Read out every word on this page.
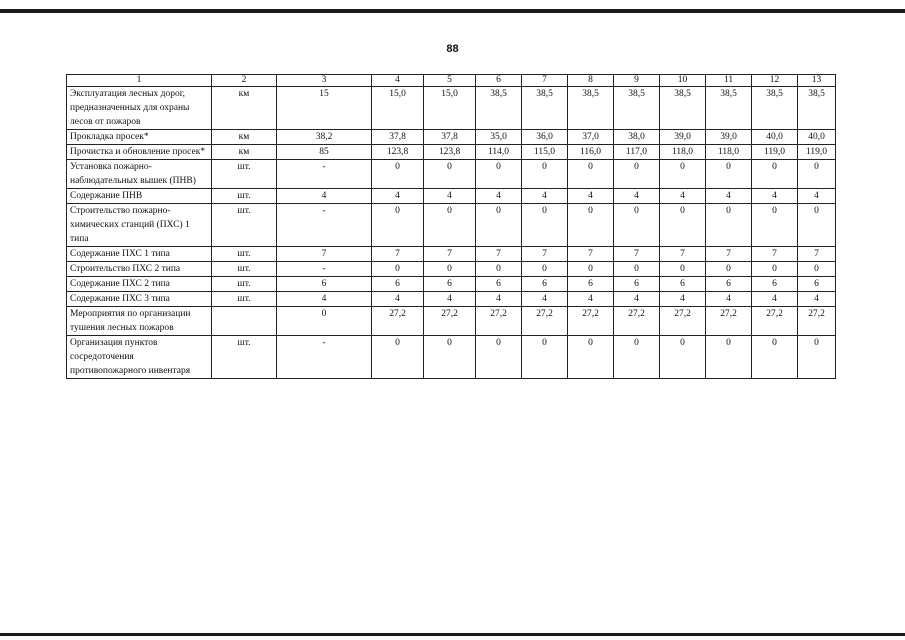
88
1	2	3	4	5	6	7	8	9	10	11	12	13
Эксплуатация лесных дорог, предназначенных для охраны лесов от пожаров	км	15	15,0	15,0	38,5	38,5	38,5	38,5	38,5	38,5	38,5	38,5
Прокладка просек*	км	38,2	37,8	37,8	35,0	36,0	37,0	38,0	39,0	39,0	40,0	40,0
Прочистка и обновление просек*	км	85	123,8	123,8	114,0	115,0	116,0	117,0	118,0	118,0	119,0	119,0
Установка пожарно-наблюдательных вышек (ПНВ)	шт.	-	0	0	0	0	0	0	0	0	0	0
Содержание ПНВ	шт.	4	4	4	4	4	4	4	4	4	4	4
Строительство пожарно-химических станций (ПХС) 1 типа	шт.	-	0	0	0	0	0	0	0	0	0	0
Содержание ПХС 1 типа	шт.	7	7	7	7	7	7	7	7	7	7	7
Строительство ПХС 2 типа	шт.	-	0	0	0	0	0	0	0	0	0	0
Содержание ПХС 2 типа	шт.	6	6	6	6	6	6	6	6	6	6	6
Содержание ПХС 3 типа	шт.	4	4	4	4	4	4	4	4	4	4	4
Мероприятия по организации тушения лесных пожаров		0	27,2	27,2	27,2	27,2	27,2	27,2	27,2	27,2	27,2	27,2
Организация пунктов сосредоточения противопожарного инвентаря	шт.	-	0	0	0	0	0	0	0	0	0	0
